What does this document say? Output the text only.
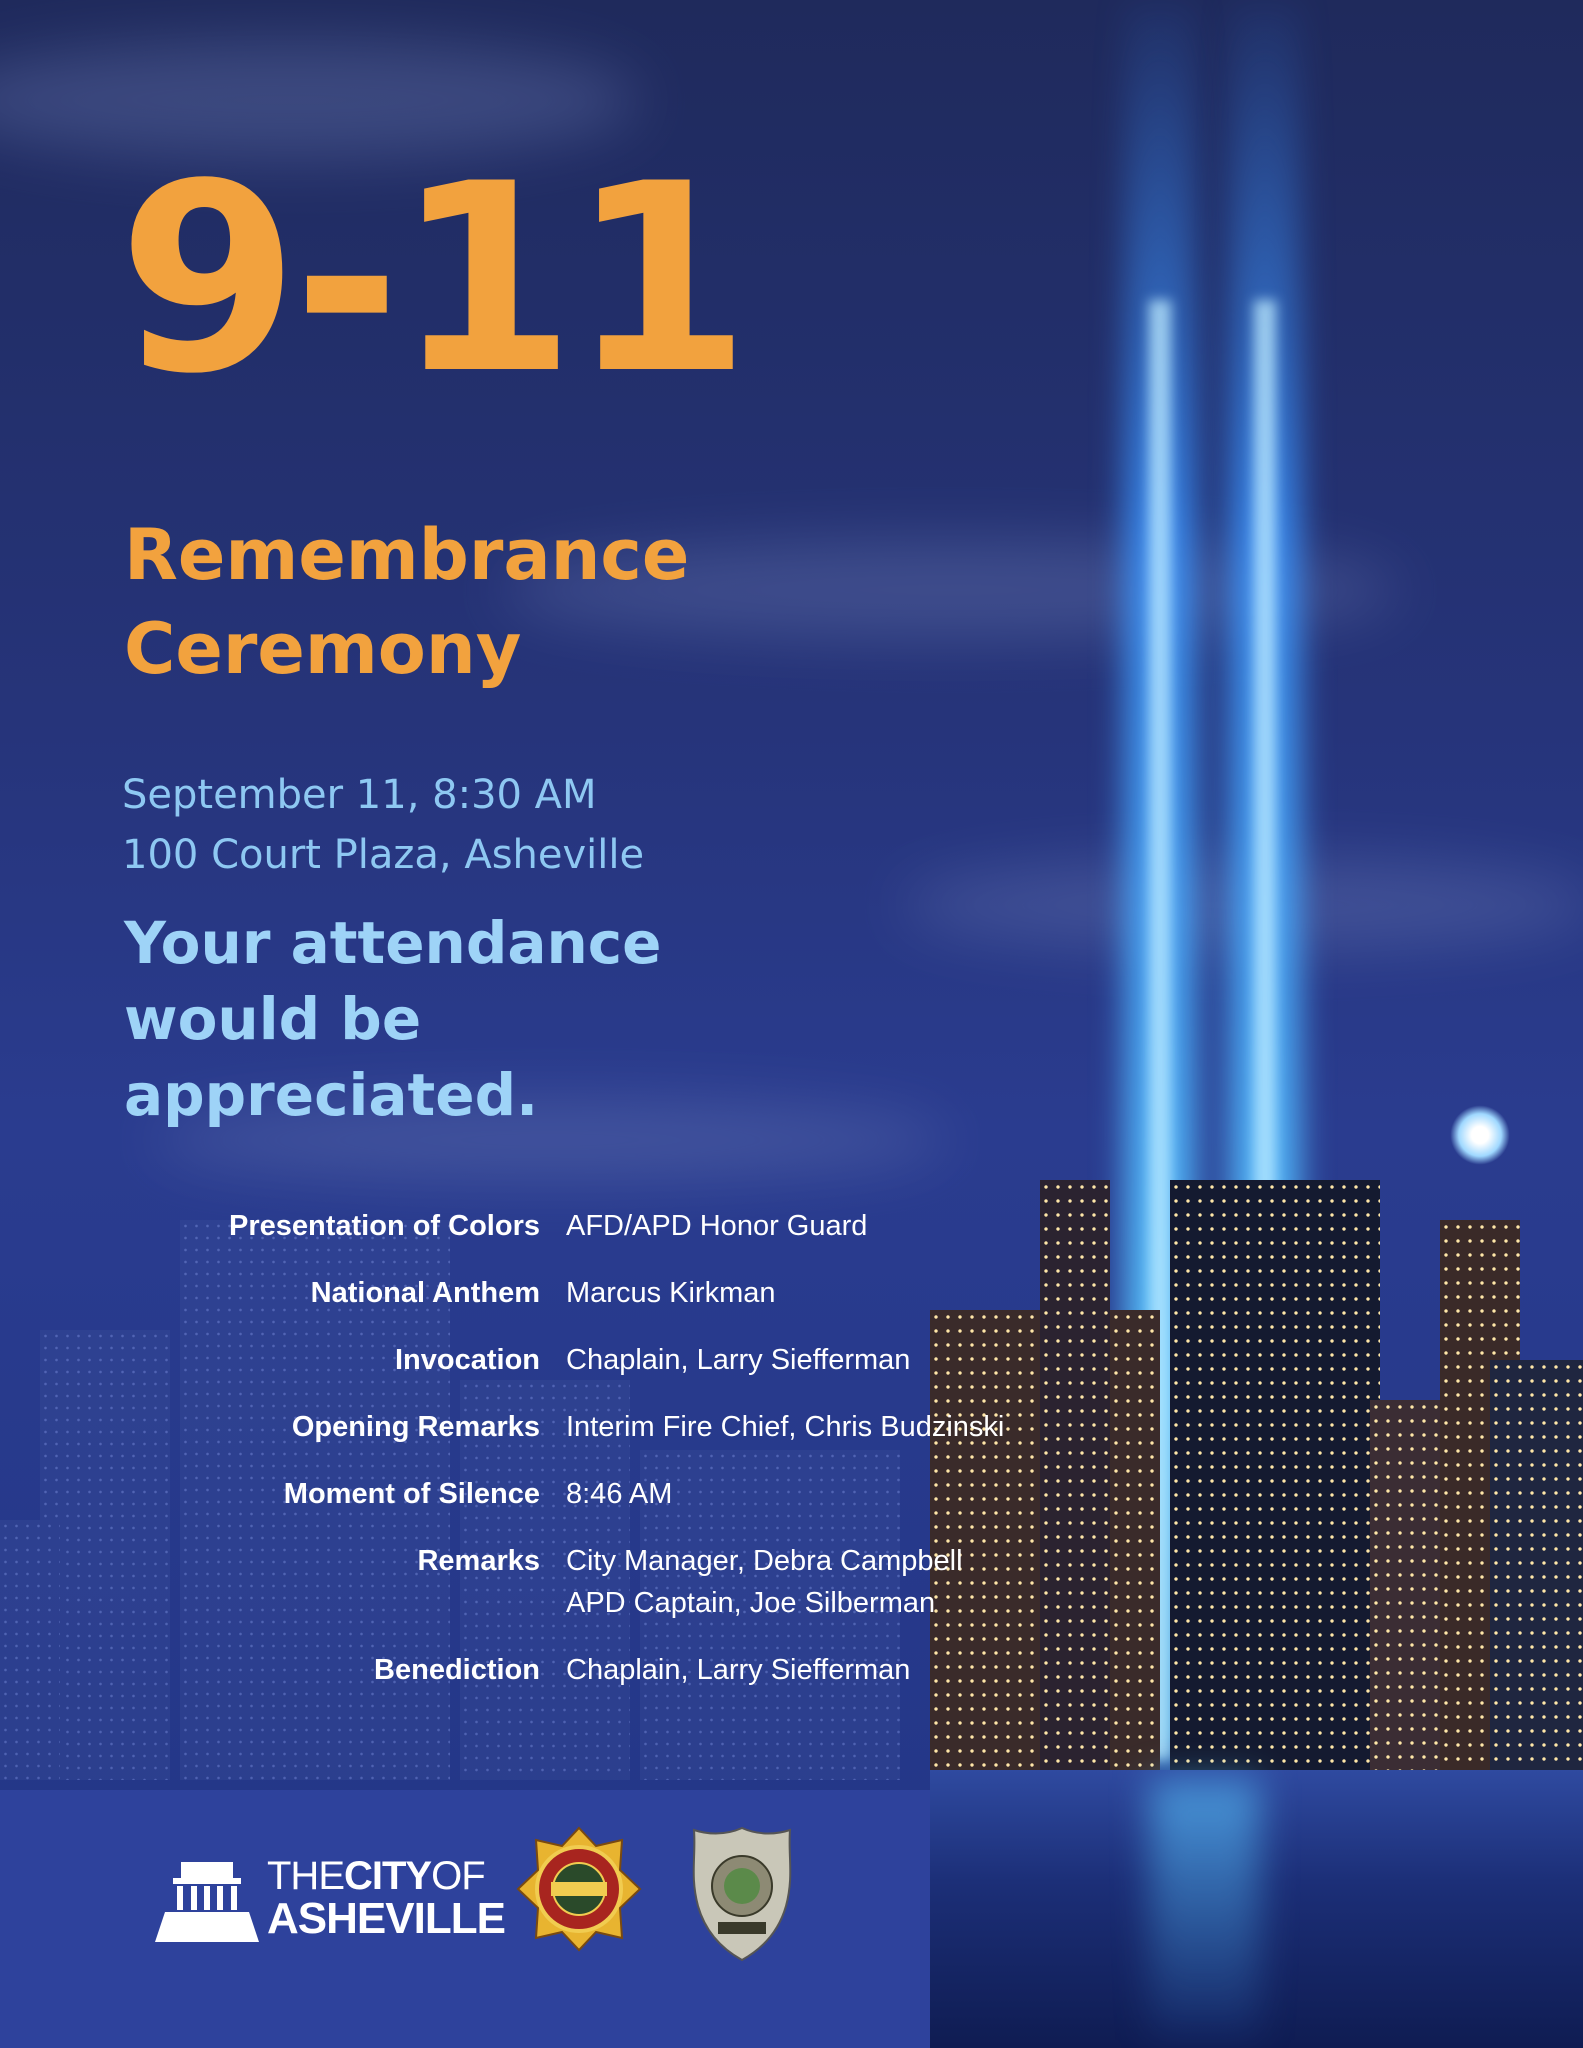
9-11
Remembrance
Ceremony
September 11, 8:30 AM
100 Court Plaza, Asheville

Your attendance
would be
appreciated.

Presentation of Colors AFD/APD Honor Guard
National Anthem Marcus Kirkman
Invocation Chaplain, Larry Siefferman
Opening Remarks Interim Fire Chief, Chris Budzinski
Moment of Silence 8:46 AM
Remarks City Manager, Debra Campbell
APD Captain, Joe Silberman
Benediction Chaplain, Larry Siefferman
THECITYOF
ASHEVILLE
